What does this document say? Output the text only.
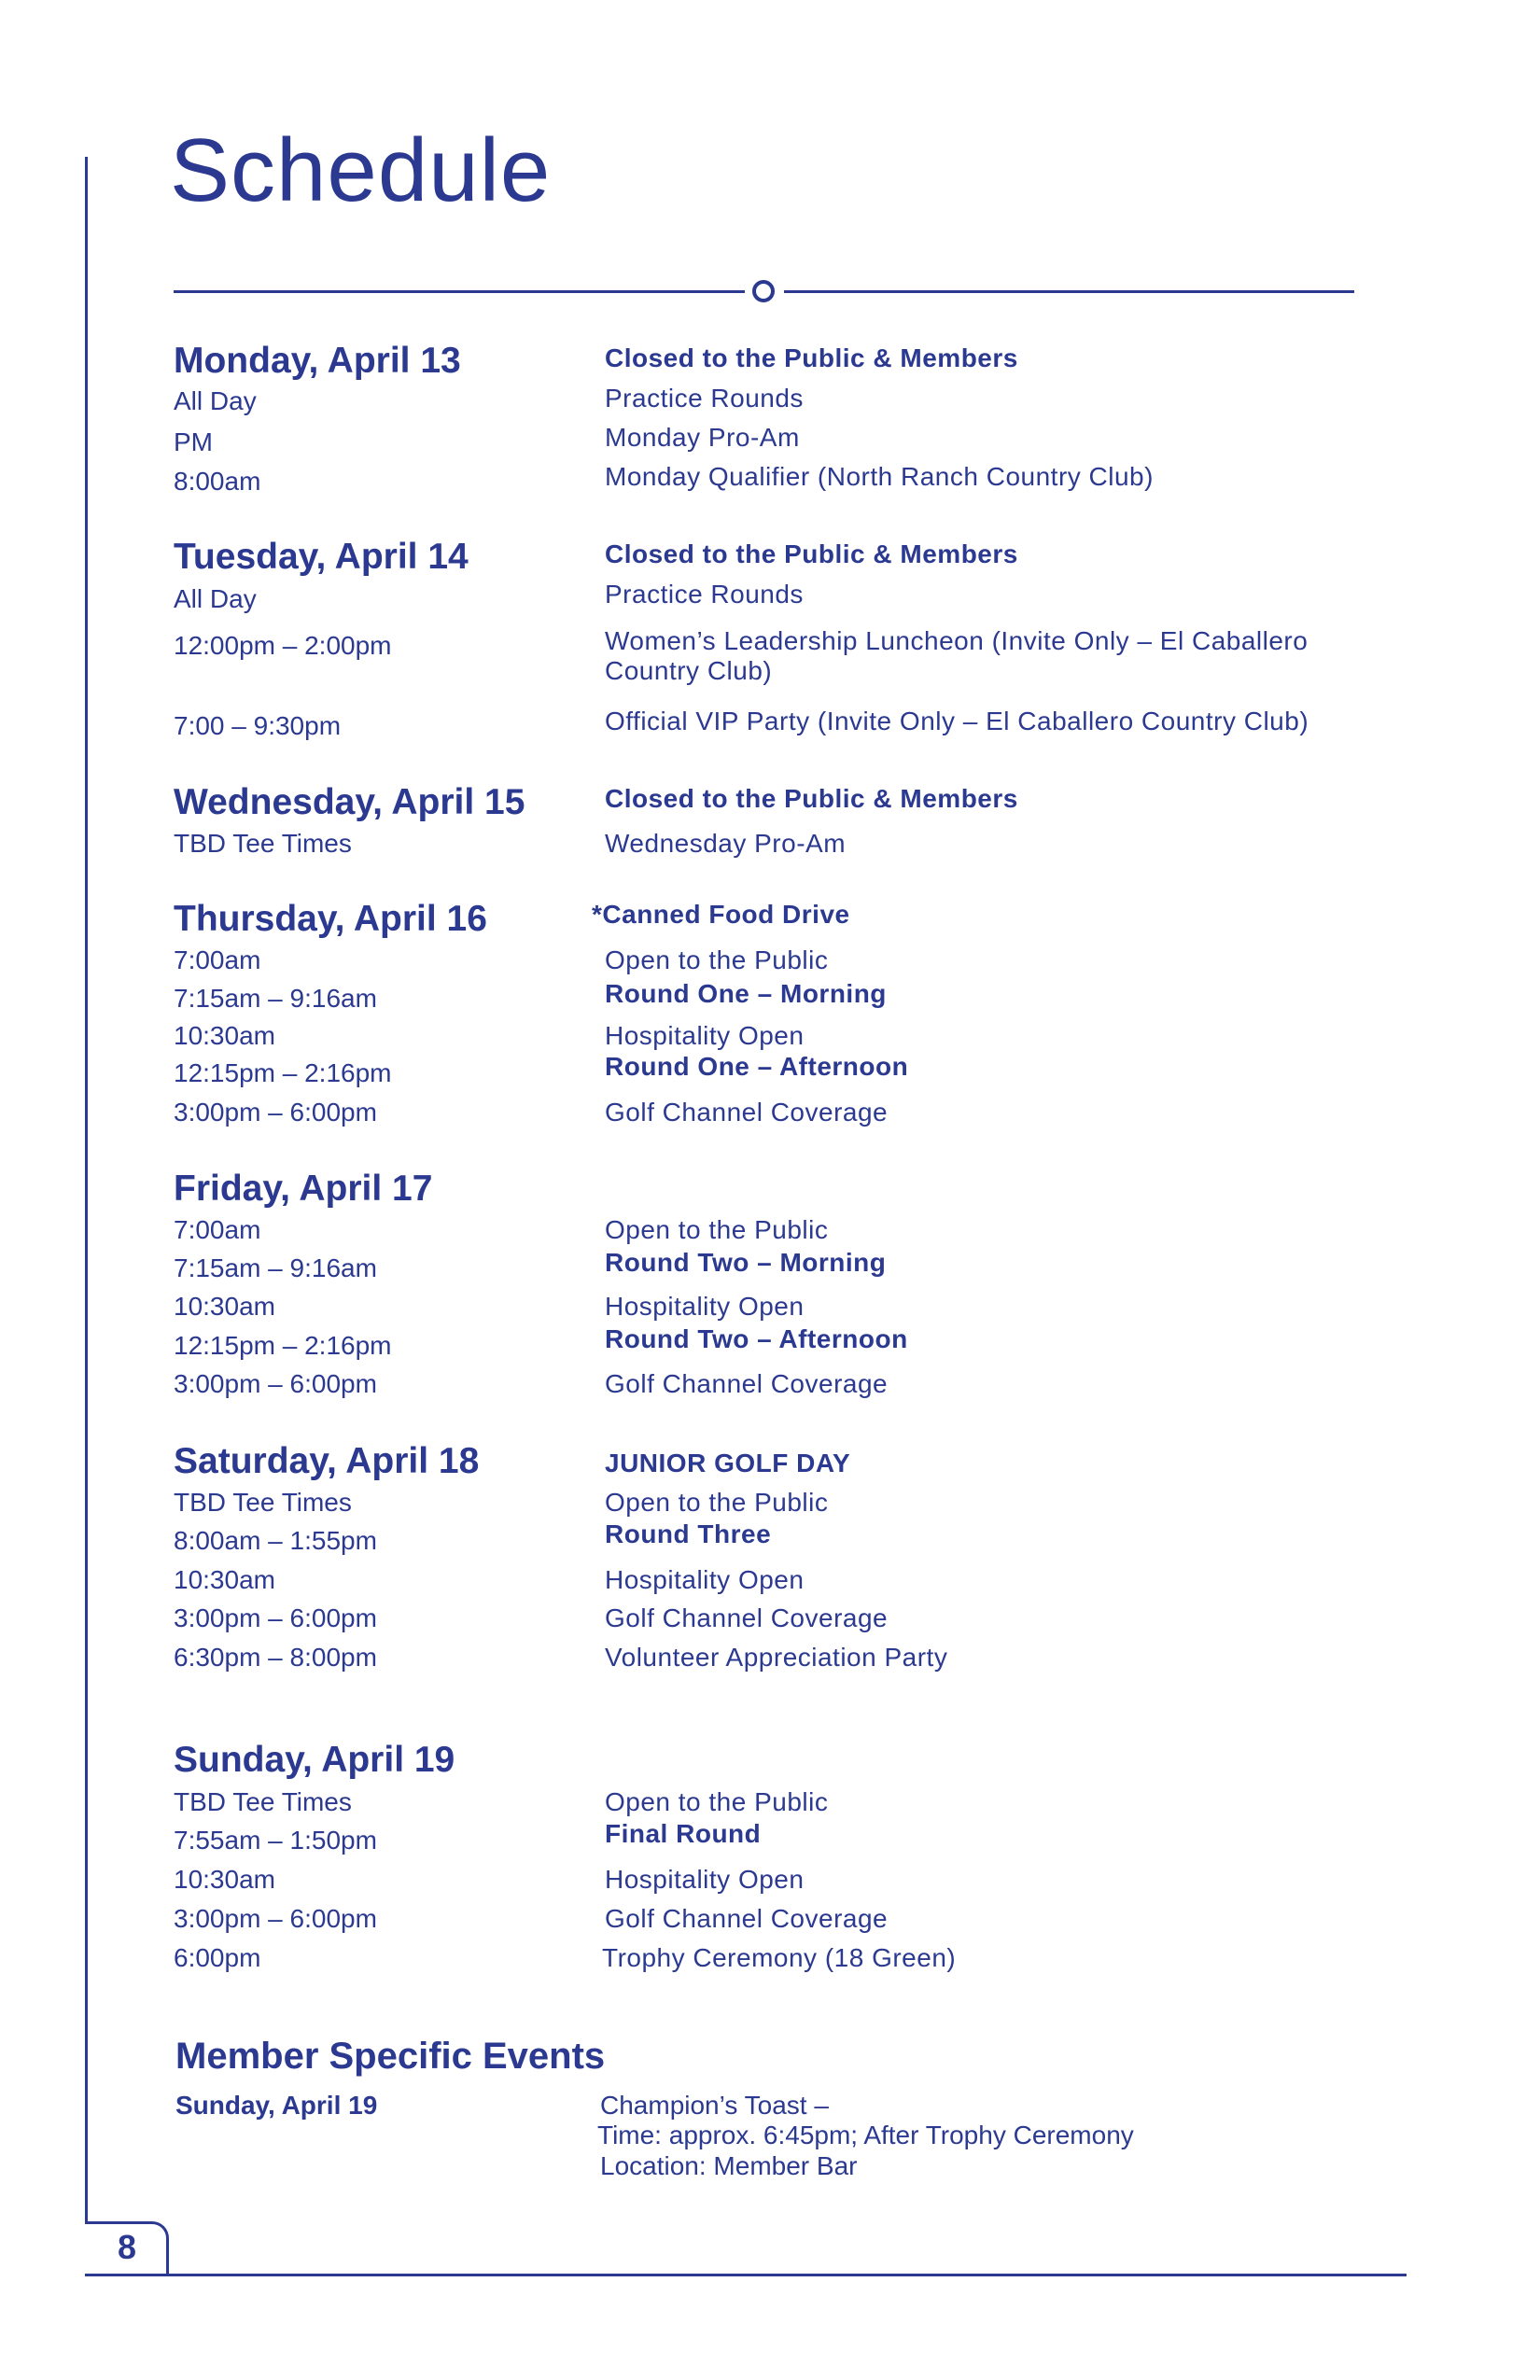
8
Schedule
Monday, April 13
All Day
PM
8:00am
Closed to the Public & Members
Practice Rounds
Monday Pro-Am
Monday Qualifier (North Ranch Country Club)
Tuesday, April 14
All Day
12:00pm – 2:00pm
7:00 – 9:30pm
Closed to the Public & Members
Practice Rounds
Women’s Leadership Luncheon (Invite Only – El Caballero Country Club)
Official VIP Party (Invite Only – El Caballero Country Club)
Wednesday, April 15
TBD Tee Times
Closed to the Public & Members
Wednesday Pro-Am
Thursday, April 16
7:00am
7:15am – 9:16am
10:30am
12:15pm – 2:16pm
3:00pm – 6:00pm
*Canned Food Drive
Open to the Public
Round One – Morning
Hospitality Open
Round One – Afternoon
Golf Channel Coverage
Friday, April 17
7:00am
7:15am – 9:16am
10:30am
12:15pm – 2:16pm
3:00pm – 6:00pm
Open to the Public
Round Two – Morning
Hospitality Open
Round Two – Afternoon
Golf Channel Coverage
Saturday, April 18
TBD Tee Times
8:00am – 1:55pm
10:30am
3:00pm – 6:00pm
6:30pm – 8:00pm
JUNIOR GOLF DAY
Open to the Public
Round Three
Hospitality Open
Golf Channel Coverage
Volunteer Appreciation Party
Sunday, April 19
TBD Tee Times
7:55am – 1:50pm
10:30am
3:00pm – 6:00pm
6:00pm
Open to the Public
Final Round
Hospitality Open
Golf Channel Coverage
Trophy Ceremony (18 Green)
Member Specific Events
Sunday, April 19	Champion’s Toast –
Time: approx. 6:45pm; After Trophy Ceremony
Location: Member Bar
